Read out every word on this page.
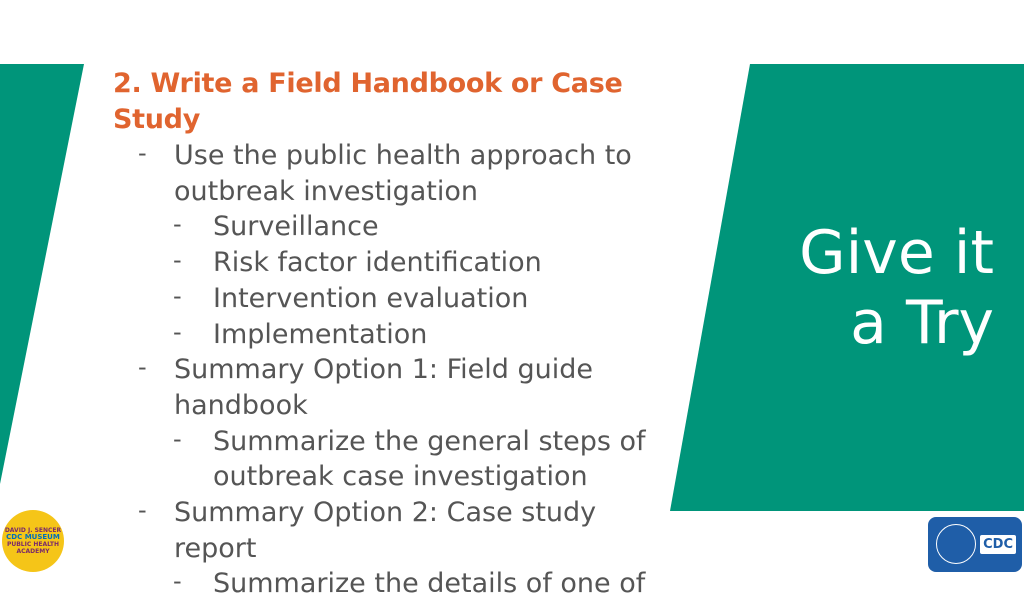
Give it
a Try

2. Write a Field Handbook or Case Study

- Use the public health approach to
outbreak investigation
- Surveillance
- Risk factor identification
- Intervention evaluation
- Implementation
- Summary Option 1: Field guide
handbook
- Summarize the general steps of
outbreak case investigation
- Summary Option 2: Case study
report
- Summarize the details of one of
DAVID J. SENCER
CDC MUSEUM
PUBLIC HEALTH ACADEMY	CDC
